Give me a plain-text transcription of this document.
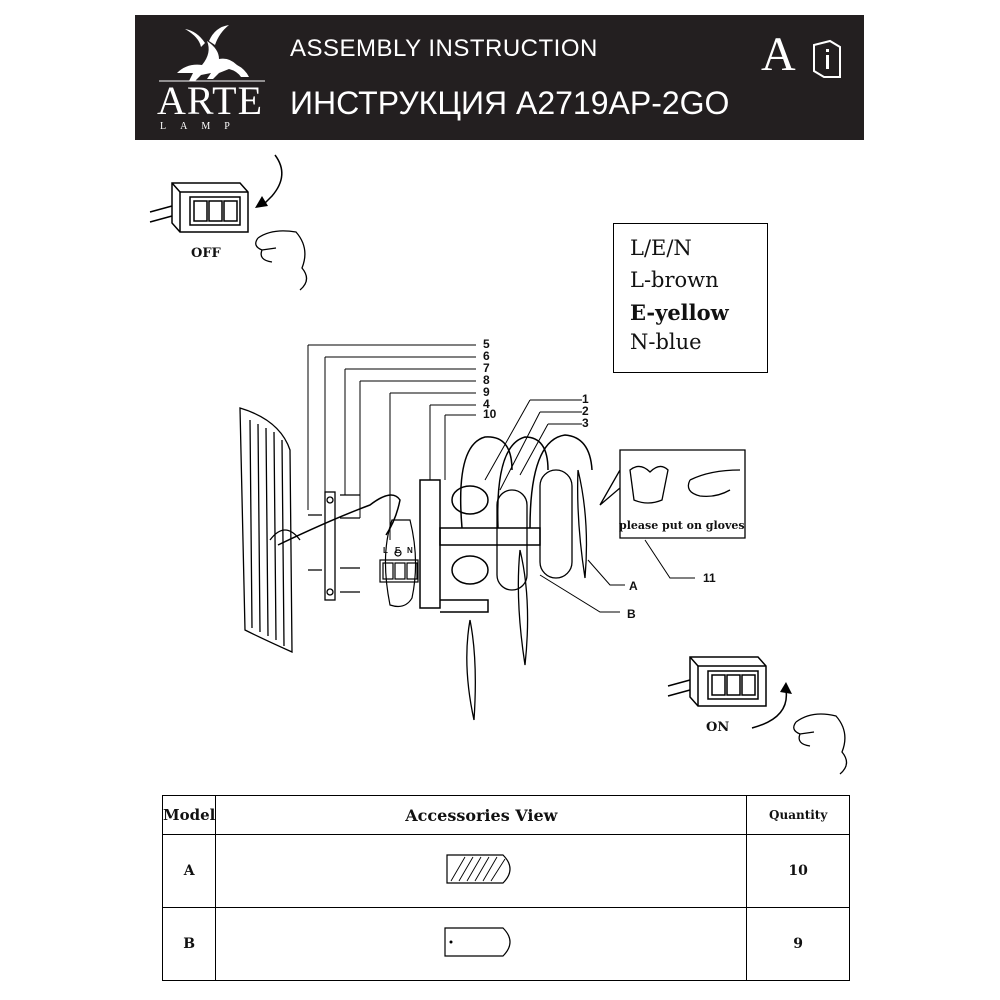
ARTE
LAMP
ASSEMBLY INSTRUCTION
ИНСТРУКЦИЯ A2719AP-2GO
A
OFF
ON
L/E/N
L-brown
E-yellow
N-blue
please put on gloves
5
6
7
8
9
4
10
1
2
3
11
A
B
L E N
Model	Accessories View	Quantity
A		10
B		9
